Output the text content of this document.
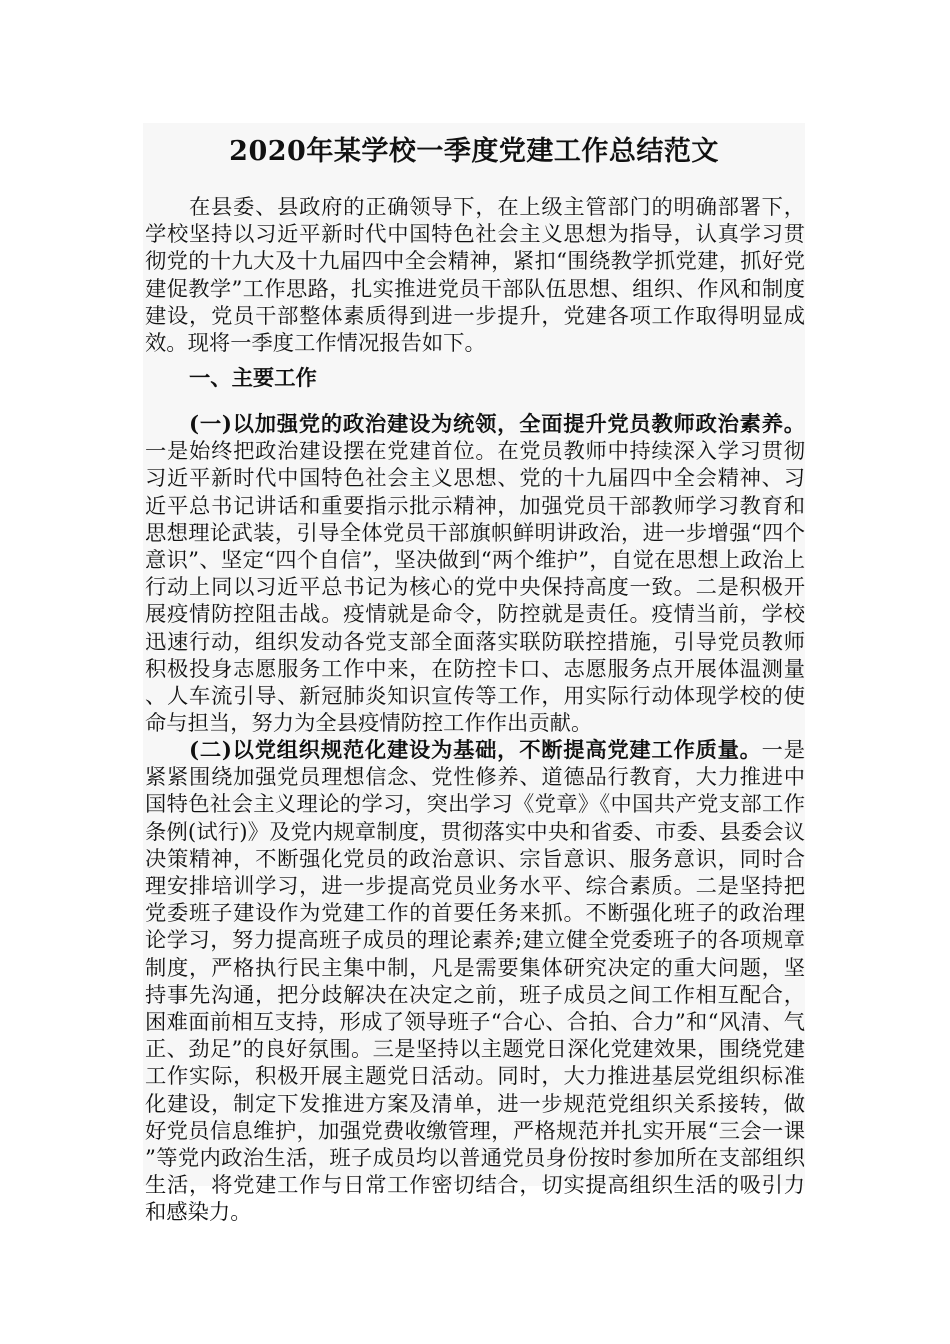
2020年某学校一季度党建工作总结范文

在县委、县政府的正确领导下，在上级主管部门的明确部署下，学校坚持以习近平新时代中国特色社会主义思想为指导，认真学习贯彻党的十九大及十九届四中全会精神，紧扣“围绕教学抓党建，抓好党建促教学”工作思路，扎实推进党员干部队伍思想、组织、作风和制度建设，党员干部整体素质得到进一步提升，党建各项工作取得明显成效。现将一季度工作情况报告如下。

一、主要工作

(一)以加强党的政治建设为统领，全面提升党员教师政治素养。一是始终把政治建设摆在党建首位。在党员教师中持续深入学习贯彻习近平新时代中国特色社会主义思想、党的十九届四中全会精神、习近平总书记讲话和重要指示批示精神，加强党员干部教师学习教育和思想理论武装，引导全体党员干部旗帜鲜明讲政治，进一步增强“四个意识”、坚定“四个自信”，坚决做到“两个维护”，自觉在思想上政治上行动上同以习近平总书记为核心的党中央保持高度一致。二是积极开展疫情防控阻击战。疫情就是命令，防控就是责任。疫情当前，学校迅速行动，组织发动各党支部全面落实联防联控措施，引导党员教师积极投身志愿服务工作中来，在防控卡口、志愿服务点开展体温测量、人车流引导、新冠肺炎知识宣传等工作，用实际行动体现学校的使命与担当，努力为全县疫情防控工作作出贡献。

(二)以党组织规范化建设为基础，不断提高党建工作质量。一是紧紧围绕加强党员理想信念、党性修养、道德品行教育，大力推进中国特色社会主义理论的学习，突出学习《党章》《中国共产党支部工作条例(试行)》及党内规章制度，贯彻落实中央和省委、市委、县委会议决策精神，不断强化党员的政治意识、宗旨意识、服务意识，同时合理安排培训学习，进一步提高党员业务水平、综合素质。二是坚持把党委班子建设作为党建工作的首要任务来抓。不断强化班子的政治理论学习，努力提高班子成员的理论素养;建立健全党委班子的各项规章制度，严格执行民主集中制，凡是需要集体研究决定的重大问题，坚持事先沟通，把分歧解决在决定之前，班子成员之间工作相互配合，困难面前相互支持，形成了领导班子“合心、合拍、合力”和“风清、气正、劲足”的良好氛围。三是坚持以主题党日深化党建效果，围绕党建工作实际，积极开展主题党日活动。同时，大力推进基层党组织标准化建设，制定下发推进方案及清单，进一步规范党组织关系接转，做好党员信息维护，加强党费收缴管理，严格规范并扎实开展“三会一课”等党内政治生活，班子成员均以普通党员身份按时参加所在支部组织生活，将党建工作与日常工作密切结合，切实提高组织生活的吸引力和感染力。
